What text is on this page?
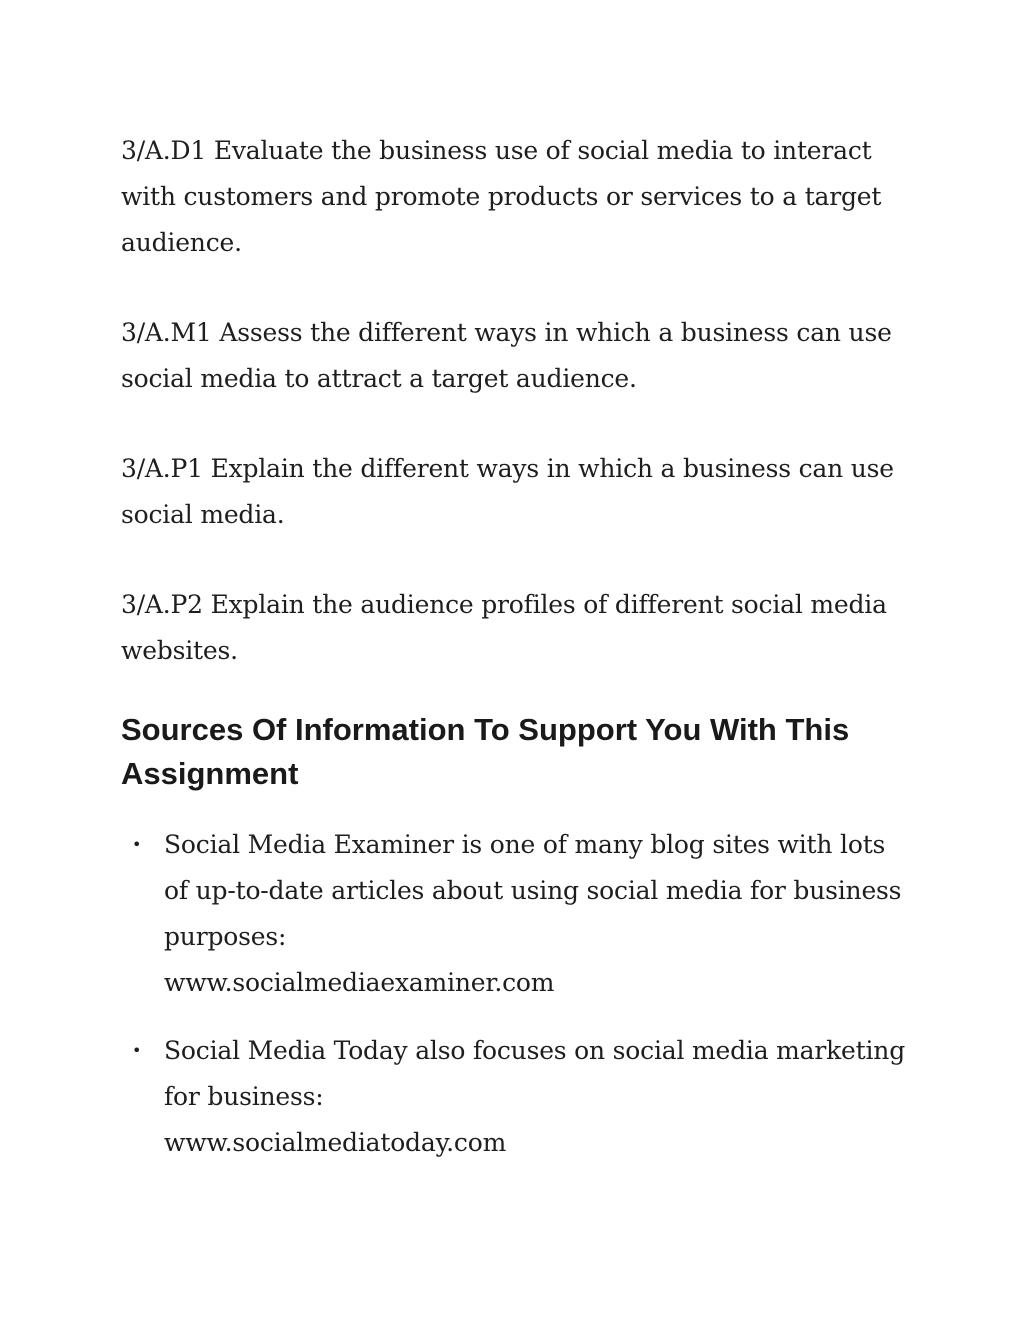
3/A.D1 Evaluate the business use of social media to interact with customers and promote products or services to a target audience.

3/A.M1 Assess the different ways in which a business can use social media to attract a target audience.

3/A.P1 Explain the different ways in which a business can use social media.

3/A.P2 Explain the audience profiles of different social media websites.

Sources Of Information To Support You With This Assignment
• Social Media Examiner is one of many blog sites with lots of up-to-date articles about using social media for business purposes:
www.socialmediaexaminer.com
• Social Media Today also focuses on social media marketing for business:
www.socialmediatoday.com
